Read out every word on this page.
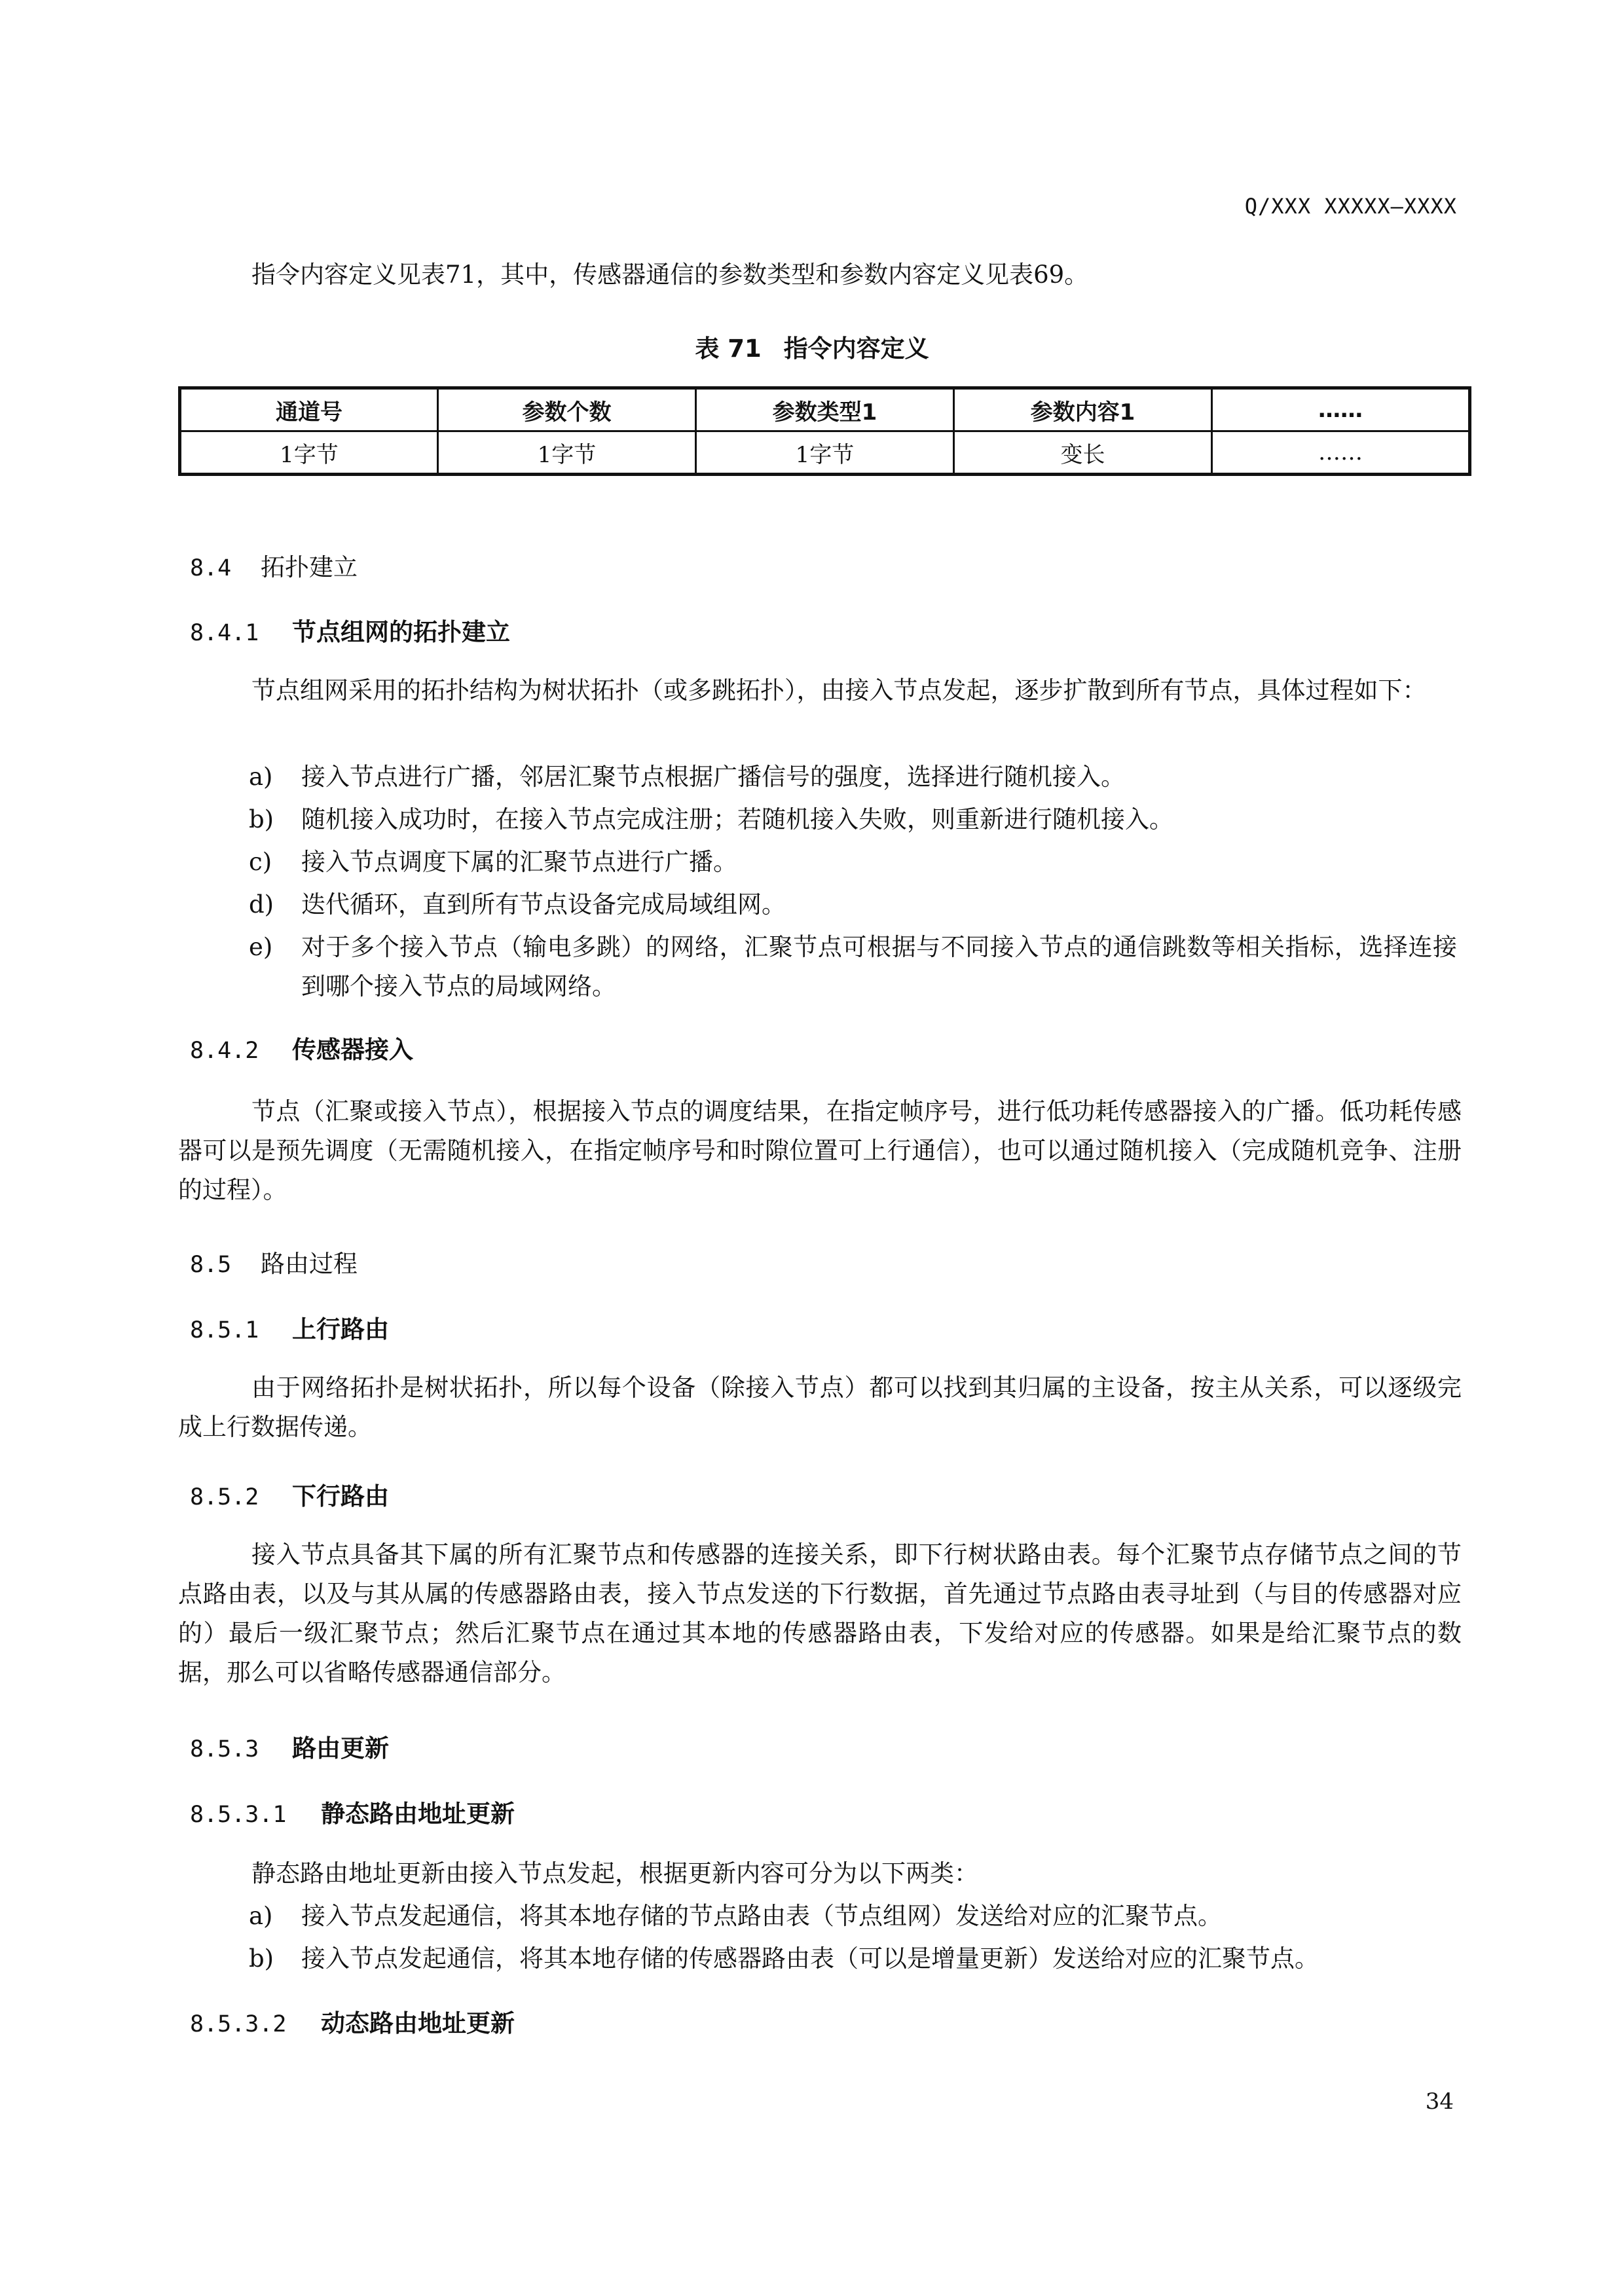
Q/XXX XXXXX—XXXX
指令内容定义见表71，其中，传感器通信的参数类型和参数内容定义见表69。
表 71 指令内容定义
通道号	参数个数	参数类型1	参数内容1	……
1字节	1字节	1字节	变长	……
8.4 拓扑建立
8.4.1 节点组网的拓扑建立
节点组网采用的拓扑结构为树状拓扑（或多跳拓扑），由接入节点发起，逐步扩散到所有节点，具体过程如下：
a)	接入节点进行广播，邻居汇聚节点根据广播信号的强度，选择进行随机接入。
b)	随机接入成功时，在接入节点完成注册；若随机接入失败，则重新进行随机接入。
c)	接入节点调度下属的汇聚节点进行广播。
d)	迭代循环，直到所有节点设备完成局域组网。
e)	对于多个接入节点（输电多跳）的网络，汇聚节点可根据与不同接入节点的通信跳数等相关指标，选择连接到哪个接入节点的局域网络。
8.4.2 传感器接入
节点（汇聚或接入节点），根据接入节点的调度结果，在指定帧序号，进行低功耗传感器接入的广播。低功耗传感器可以是预先调度（无需随机接入，在指定帧序号和时隙位置可上行通信），也可以通过随机接入（完成随机竞争、注册的过程）。
8.5 路由过程
8.5.1 上行路由
由于网络拓扑是树状拓扑，所以每个设备（除接入节点）都可以找到其归属的主设备，按主从关系，可以逐级完成上行数据传递。
8.5.2 下行路由
接入节点具备其下属的所有汇聚节点和传感器的连接关系，即下行树状路由表。每个汇聚节点存储节点之间的节点路由表，以及与其从属的传感器路由表，接入节点发送的下行数据，首先通过节点路由表寻址到（与目的传感器对应的）最后一级汇聚节点；然后汇聚节点在通过其本地的传感器路由表，下发给对应的传感器。如果是给汇聚节点的数据，那么可以省略传感器通信部分。
8.5.3 路由更新
8.5.3.1 静态路由地址更新
静态路由地址更新由接入节点发起，根据更新内容可分为以下两类：
a)	接入节点发起通信，将其本地存储的节点路由表（节点组网）发送给对应的汇聚节点。
b)	接入节点发起通信，将其本地存储的传感器路由表（可以是增量更新）发送给对应的汇聚节点。
8.5.3.2 动态路由地址更新
34
